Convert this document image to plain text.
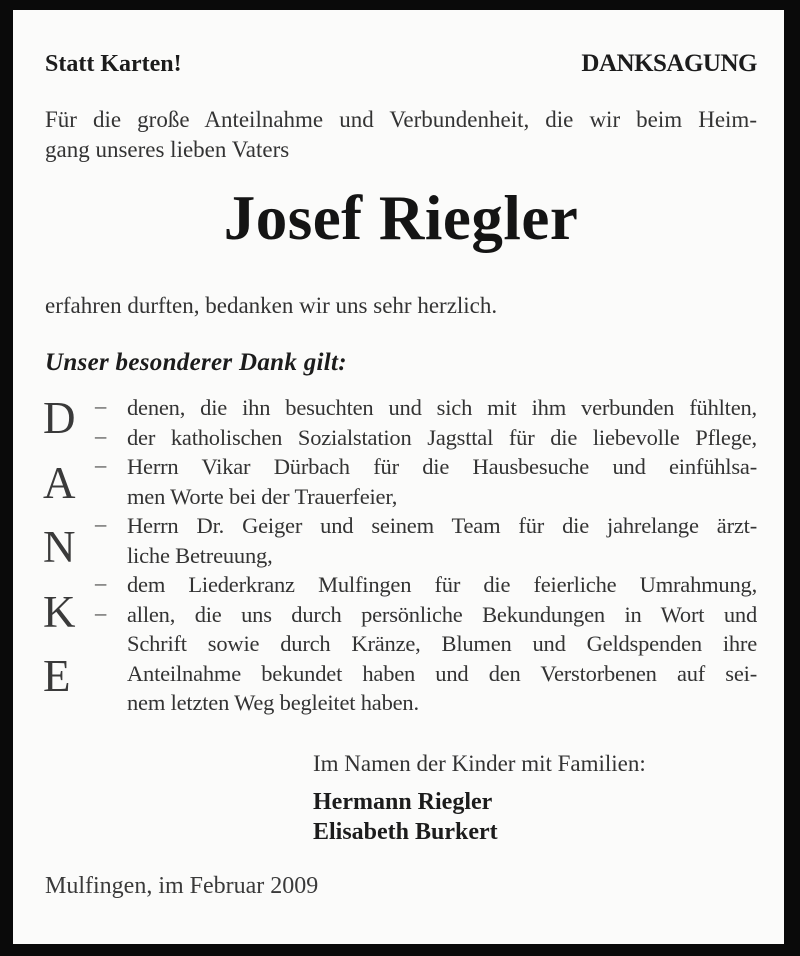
Statt Karten!	DANKSAGUNG
Für die große Anteilnahme und Verbundenheit, die wir beim Heim-
gang unseres lieben Vaters
Josef Riegler
erfahren durften, bedanken wir uns sehr herzlich.
Unser besonderer Dank gilt:
D
A
N
K
E
– denen, die ihn besuchten und sich mit ihm verbunden fühlten,
– der katholischen Sozialstation Jagsttal für die liebevolle Pflege,
– Herrn Vikar Dürbach für die Hausbesuche und einfühlsa-
men Worte bei der Trauerfeier,
– Herrn Dr. Geiger und seinem Team für die jahrelange ärzt-
liche Betreuung,
– dem Liederkranz Mulfingen für die feierliche Umrahmung,
– allen, die uns durch persönliche Bekundungen in Wort und
Schrift sowie durch Kränze, Blumen und Geldspenden ihre
Anteilnahme bekundet haben und den Verstorbenen auf sei-
nem letzten Weg begleitet haben.
Im Namen der Kinder mit Familien:
Hermann Riegler
Elisabeth Burkert
Mulfingen, im Februar 2009
